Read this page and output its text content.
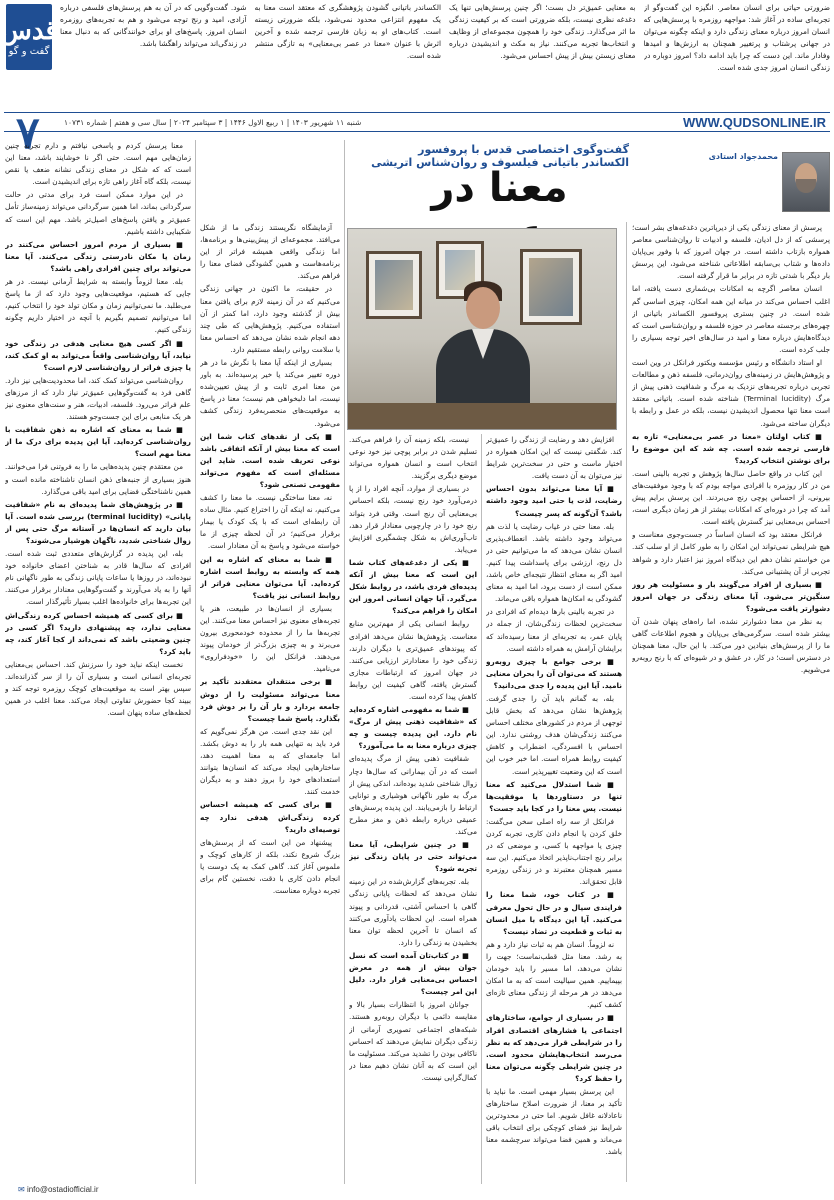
ضرورتی حیاتی برای انسان معاصر. انگیزه این گفت‌وگو از تجربه‌ای ساده در آغاز شد: مواجهه روزمره با پرسش‌هایی که انسان امروز درباره معنای زندگی دارد و اینکه چگونه می‌توان در جهانی پرشتاب و پرتغییر همچنان به ارزش‌ها و امیدها وفادار ماند. این دست که چرا باید ادامه داد؟ امروز دوباره در زندگی انسان امروز جدی شده است.
به معنایی عمیق‌تر دل بست؛ اگر چنین پرسش‌هایی تنها یک دغدغه نظری نیست، بلکه ضرورتی است که بر کیفیت زندگی ما اثر می‌گذارد. زندگی خود را همچون مجموعه‌ای از وظایف و انتخاب‌ها تجربه می‌کنند. نیاز به مکث و اندیشیدن درباره معنای زیستن بیش از پیش احساس می‌شود.
الکساندر باتیانی گشودن پژوهشگری که معتقد است معنا به یک مفهوم انتزاعی محدود نمی‌شود، بلکه ضرورتی زیسته است. کتاب‌های او به زبان فارسی ترجمه شده و آخرین اثرش با عنوان «معنا در عصر بی‌معنایی» به تازگی منتشر شده است.
شود. گفت‌وگویی که در آن به هم پرسش‌های فلسفی درباره آزادی، امید و رنج توجه می‌شود و هم به تجربه‌های روزمره انسان امروز. پاسخ‌های او برای خوانندگانی که به دنبال معنا در زندگی‌اند می‌تواند راهگشا باشد.
قدس
گفت و گو
۷	WWW.QUDSONLINE.IR
شنبه ۱۱ شهریور ۱۴۰۳ | ۱ ربیع الاول ۱۴۴۶ | ۳ سپتامبر ۲۰۲۴ | سال سی و هفتم | شماره ۱۰۷۳۱
محمدجواد استادی
گفت‌وگوی اختصاصی قدس با پروفسور الکساندر باتیانی فیلسوف و روان‌شناس اتریشی
معنا در

پرسش از معنای زندگی یکی از دیرپاترین دغدغه‌های بشر است؛ پرسشی که از دل ادیان، فلسفه و ادبیات تا روان‌شناسی معاصر همواره بازتاب داشته است. در جهان امروز که با وفور بی‌پایان داده‌ها و شتاب بی‌سابقه اطلاعاتی شناخته می‌شود، این پرسش بار دیگر با شدتی تازه در برابر ما قرار گرفته است.

انسان معاصر اگرچه به امکانات بی‌شماری دست یافته، اما اغلب احساس می‌کند در میانه این همه امکان، چیزی اساسی گم شده است. در چنین بستری پروفسور الکساندر باتیانی از چهره‌های برجسته معاصر در حوزه فلسفه و روان‌شناسی است که دیدگاه‌هایش درباره معنا و امید در سال‌های اخیر توجه بسیاری را جلب کرده است.

او استاد دانشگاه و رئیس مؤسسه ویکتور فرانکل در وین است و پژوهش‌هایش در زمینه‌های روان‌درمانی، فلسفه ذهن و مطالعات تجربی درباره تجربه‌های نزدیک به مرگ و شفافیت ذهنی پیش از مرگ (Terminal lucidity) شناخته شده است. باتیانی معتقد است معنا تنها محصول اندیشیدن نیست، بلکه در عمل و رابطه با دیگران ساخته می‌شود.

■ کتاب اولتان «معنا در عصر بی‌معنایی» تازه به فارسی ترجمه شده است. چه شد که این موضوع را برای نوشتن انتخاب کردید؟

این کتاب در واقع حاصل سال‌ها پژوهش و تجربه بالینی است. من در کار روزمره با افرادی مواجه بودم که با وجود موفقیت‌های بیرونی، از احساس پوچی رنج می‌بردند. این پرسش برایم پیش آمد که چرا در دوره‌ای که امکانات بیشتر از هر زمان دیگری است، احساس بی‌معنایی نیز گسترش یافته است.

فرانکل معتقد بود که انسان اساساً در جست‌وجوی معناست و هیچ شرایطی نمی‌تواند این امکان را به طور کامل از او سلب کند. من خواستم نشان دهم این دیدگاه امروز نیز اعتبار دارد و شواهد تجربی از آن پشتیبانی می‌کند.

■ بسیاری از افراد می‌گویند بار و مسئولیت هر روز سنگین‌تر می‌شود. آیا معنای زندگی در جهان امروز دشوارتر یافت می‌شود؟

به نظر من معنا دشوارتر نشده، اما راه‌های پنهان شدن آن بیشتر شده است. سرگرمی‌های بی‌پایان و هجوم اطلاعات گاهی ما را از پرسش‌های بنیادین دور می‌کند. با این حال، معنا همچنان در دسترس است؛ در کار، در عشق و در شیوه‌ای که با رنج روبه‌رو می‌شویم.

افزایش دهد و رضایت از زندگی را عمیق‌تر کند. شگفتی نیست که این امکان همواره در اختیار ماست و حتی در سخت‌ترین شرایط نیز می‌توان به آن دست یافت.

■ آیا معنا می‌تواند بدون احساس رضایت، لذت یا حتی امید وجود داشته باشد؟ آن‌گونه که پسر چیست؟

بله. معنا حتی در غیاب رضایت یا لذت هم می‌تواند وجود داشته باشد. انعطاف‌پذیری انسان نشان می‌دهد که ما می‌توانیم حتی در دل رنج، ارزشی برای پاسداشت پیدا کنیم. امید اگر به معنای انتظار نتیجه‌ای خاص باشد، ممکن است از دست برود، اما امید به معنای گشودگی به امکان‌ها همواره باقی می‌ماند.

در تجربه بالینی بارها دیده‌ام که افرادی در سخت‌ترین لحظات زندگی‌شان، از جمله در پایان عمر، به تجربه‌ای از معنا رسیده‌اند که برایشان آرامش به همراه داشته است.

■ برخی جوامع با چیزی روبه‌رو هستند که می‌توان آن را بحران معنایی نامید. آیا این پدیده را جدی می‌دانید؟

بله، به گمانم باید آن را جدی گرفت. پژوهش‌ها نشان می‌دهد که بخش قابل توجهی از مردم در کشورهای مختلف احساس می‌کنند زندگی‌شان هدف روشنی ندارد. این احساس با افسردگی، اضطراب و کاهش کیفیت روابط همراه است. اما خبر خوب این است که این وضعیت تغییرپذیر است.

■ شما استدلال می‌کنید که معنا تنها در دستاوردها یا موفقیت‌ها نیست. پس معنا را در کجا باید جست؟

فرانکل از سه راه اصلی سخن می‌گفت: خلق کردن یا انجام دادن کاری، تجربه کردن چیزی یا مواجهه با کسی، و موضعی که در برابر رنج اجتناب‌ناپذیر اتخاذ می‌کنیم. این سه مسیر همچنان معتبرند و در زندگی روزمره قابل تحقق‌اند.

■ در کتاب خود، شما معنا را فرایندی سیال و در حال تحول معرفی می‌کنید. آیا این دیدگاه با میل انسان به ثبات و قطعیت در تضاد نیست؟

نه لزوماً. انسان هم به ثبات نیاز دارد و هم به رشد. معنا مثل قطب‌نماست؛ جهت را نشان می‌دهد، اما مسیر را باید خودمان بپیماییم. همین سیالیت است که به ما امکان می‌دهد در هر مرحله از زندگی معنای تازه‌ای کشف کنیم.

■ در بسیاری از جوامع، ساختارهای اجتماعی یا فشارهای اقتصادی افراد را در شرایطی قرار می‌دهد که به نظر می‌رسد انتخاب‌هایشان محدود است. در چنین شرایطی چگونه می‌توان معنا را حفظ کرد؟

این پرسش بسیار مهمی است. ما نباید با تأکید بر معنا، از ضرورت اصلاح ساختارهای ناعادلانه غافل شویم. اما حتی در محدودترین شرایط نیز فضای کوچکی برای انتخاب باقی می‌ماند و همین فضا می‌تواند سرچشمه معنا باشد.

نیست، بلکه زمینه آن را فراهم می‌کند. تسلیم شدن در برابر پوچی نیز خود نوعی انتخاب است و انسان همواره می‌تواند موضع دیگری برگزیند.

در بسیاری از موارد، آنچه افراد را از پا درمی‌آورد خود رنج نیست، بلکه احساس بی‌معنایی آن رنج است. وقتی فرد بتواند رنج خود را در چارچوبی معنادار قرار دهد، تاب‌آوری‌اش به شکل چشمگیری افزایش می‌یابد.

■ یکی از دغدغه‌های کتاب شما این است که معنا بیش از آنکه پدیده‌ای فردی باشد، در روابط شکل می‌گیرد. آیا جهان انسانی امروز این امکان را فراهم می‌کند؟

روابط انسانی یکی از مهم‌ترین منابع معناست. پژوهش‌ها نشان می‌دهد افرادی که پیوندهای عمیق‌تری با دیگران دارند، زندگی خود را معنادارتر ارزیابی می‌کنند. در جهان امروز که ارتباطات مجازی گسترش یافته، گاهی کیفیت این روابط کاهش پیدا کرده است.

■ شما به مفهومی اشاره کرده‌اید که «شفافیت ذهنی پیش از مرگ» نام دارد. این پدیده چیست و چه چیزی درباره معنا به ما می‌آموزد؟

شفافیت ذهنی پیش از مرگ پدیده‌ای است که در آن بیمارانی که سال‌ها دچار زوال شناختی شدید بوده‌اند، اندکی پیش از مرگ به طور ناگهانی هوشیاری و توانایی ارتباط را بازمی‌یابند. این پدیده پرسش‌های عمیقی درباره رابطه ذهن و مغز مطرح می‌کند.

■ در چنین شرایطی، آیا معنا می‌تواند حتی در پایان زندگی نیز تجربه شود؟

بله. تجربه‌های گزارش‌شده در این زمینه نشان می‌دهد که لحظات پایانی زندگی گاهی با احساس آشتی، قدردانی و پیوند همراه است. این لحظات یادآوری می‌کنند که انسان تا آخرین لحظه توان معنا بخشیدن به زندگی را دارد.

■ در کتاب‌تان آمده است که نسل جوان بیش از همه در معرض احساس بی‌معنایی قرار دارد. دلیل این امر چیست؟

جوانان امروز با انتظارات بسیار بالا و مقایسه دائمی با دیگران روبه‌رو هستند. شبکه‌های اجتماعی تصویری آرمانی از زندگی دیگران نمایش می‌دهند که احساس ناکافی بودن را تشدید می‌کند. مسئولیت ما این است که به آنان نشان دهیم معنا در کمال‌گرایی نیست.

آزمایشگاه نگریستند زندگی ما از شکل می‌افتد. مجموعه‌ای از پیش‌بینی‌ها و برنامه‌ها، اما زندگی واقعی همیشه فراتر از این برنامه‌هاست و همین گشودگی فضای معنا را فراهم می‌کند.

در حقیقت، ما اکنون در جهانی زندگی می‌کنیم که در آن زمینه لازم برای یافتن معنا بیش از گذشته وجود دارد، اما کمتر از آن استفاده می‌کنیم. پژوهش‌هایی که طی چند دهه انجام شده نشان می‌دهد که احساس معنا با سلامت روانی رابطه مستقیم دارد.

بسیاری از اینکه آیا معنا با نگرش ما در هر دوره تغییر می‌کند یا خیر پرسیده‌اند. به باور من معنا امری ثابت و از پیش تعیین‌شده نیست، اما دلبخواهی هم نیست؛ معنا در پاسخ به موقعیت‌های منحصربه‌فرد زندگی کشف می‌شود.

■ یکی از نقدهای کتاب شما این است که معنا بیش از آنکه اتفاقی باشد نوعی تعریف شده است. شاید این مسئله‌ای است که مفهوم می‌تواند مفهومی تصنعی شود؟

نه، معنا ساختگی نیست. ما معنا را کشف می‌کنیم، نه اینکه آن را اختراع کنیم. مثال ساده آن رابطه‌ای است که با یک کودک یا بیمار برقرار می‌کنیم؛ در آن لحظه چیزی از ما خواسته می‌شود و پاسخ به آن معنادار است.

■ شما به معنای که اشاره به این همه که وابسته به روابط است اشاره کرده‌اید. آیا می‌توان معنایی فراتر از روابط انسانی نیز یافت؟

بسیاری از انسان‌ها در طبیعت، هنر یا تجربه‌های معنوی نیز احساس معنا می‌کنند. این تجربه‌ها ما را از محدوده خودمحوری بیرون می‌برند و به چیزی بزرگ‌تر از خودمان پیوند می‌دهند. فرانکل این را «خودفراروی» می‌نامید.

■ برخی منتقدان معتقدند تأکید بر معنا می‌تواند مسئولیت را از دوش جامعه بردارد و بار آن را بر دوش فرد بگذارد. پاسخ شما چیست؟

این نقد جدی است. من هرگز نمی‌گویم که فرد باید به تنهایی همه بار را به دوش بکشد. اما جامعه‌ای که به معنا اهمیت دهد، ساختارهایی ایجاد می‌کند که انسان‌ها بتوانند استعدادهای خود را بروز دهند و به دیگران خدمت کنند.

■ برای کسی که همیشه احساس کرده زندگی‌اش هدفی ندارد چه توصیه‌ای دارید؟

پیشنهاد من این است که از پرسش‌های بزرگ شروع نکند، بلکه از کارهای کوچک و ملموس آغاز کند. گاهی کمک به یک دوست یا انجام دادن کاری با دقت، نخستین گام برای تجربه دوباره معناست.

معنا پرسش کردم و پاسخی نیافتم و دارم تجربه چنین زمان‌هایی مهم است. حتی اگر نا خوشایند باشد، معنا این است که که شکل در معنای زندگی نشانه ضعف یا نقص نیست، بلکه گاه آغاز راهی تازه برای اندیشیدن است.

در این موارد ممکن است فرد برای مدتی در حالت سرگردانی بماند، اما همین سرگردانی می‌تواند زمینه‌ساز تأمل عمیق‌تر و یافتن پاسخ‌های اصیل‌تر باشد. مهم این است که شکیبایی داشته باشیم.

■ بسیاری از مردم امروز احساس می‌کنند در زمان یا مکان نادرستی زندگی می‌کنند. آیا معنا می‌تواند برای چنین افرادی راهی باشد؟

بله. معنا لزوماً وابسته به شرایط آرمانی نیست. در هر جایی که هستیم، موقعیت‌هایی وجود دارد که از ما پاسخ می‌طلبد. ما نمی‌توانیم زمان و مکان تولد خود را انتخاب کنیم، اما می‌توانیم تصمیم بگیریم با آنچه در اختیار داریم چگونه زندگی کنیم.

■ اگر کسی هیچ معنایی هدفی در زندگی خود نیابد، آیا روان‌شناسی واقعاً می‌تواند به او کمک کند، یا چیزی فراتر از روان‌شناسی لازم است؟

روان‌شناسی می‌تواند کمک کند، اما محدودیت‌هایی نیز دارد. گاهی فرد به گفت‌وگوهایی عمیق‌تر نیاز دارد که از مرزهای علم فراتر می‌رود. فلسفه، ادبیات، هنر و سنت‌های معنوی نیز هر یک منابعی برای این جست‌وجو هستند.

■ شما به معنای که اشاره به ذهن شفافیت با روان‌شناسی کرده‌اید. آیا این پدیده برای درک ما از معنا مهم است؟

من معتقدم چنین پدیده‌هایی ما را به فروتنی فرا می‌خوانند. هنوز بسیاری از جنبه‌های ذهن انسان ناشناخته مانده است و همین ناشناختگی فضایی برای امید باقی می‌گذارد.

■ در پژوهش‌های شما پدیده‌ای به نام «شفافیت پایانی» (terminal lucidity) بررسی شده است. آیا بیان دارید که انسان‌ها در آستانه مرگ حتی پس از زوال شناختی شدید، ناگهان هوشیار می‌شوند؟

بله، این پدیده در گزارش‌های متعددی ثبت شده است. افرادی که سال‌ها قادر به شناختن اعضای خانواده خود نبوده‌اند، در روزها یا ساعات پایانی زندگی به طور ناگهانی نام آنها را به یاد می‌آورند و گفت‌وگوهایی معنادار برقرار می‌کنند. این تجربه‌ها برای خانواده‌ها اغلب بسیار تأثیرگذار است.

■ برای کسی که همیشه احساس کرده زندگی‌اش معنایی ندارد، چه پیشنهادی دارید؟ اگر کسی در چنین وضعیتی باشد که نمی‌داند از کجا آغاز کند، چه باید کرد؟

نخست اینکه نباید خود را سرزنش کند. احساس بی‌معنایی تجربه‌ای انسانی است و بسیاری آن را از سر گذرانده‌اند. سپس بهتر است به موقعیت‌های کوچک روزمره توجه کند و ببیند کجا حضورش تفاوتی ایجاد می‌کند. معنا اغلب در همین لحظه‌های ساده پنهان است.

✉ info@ostadiofficial.ir
